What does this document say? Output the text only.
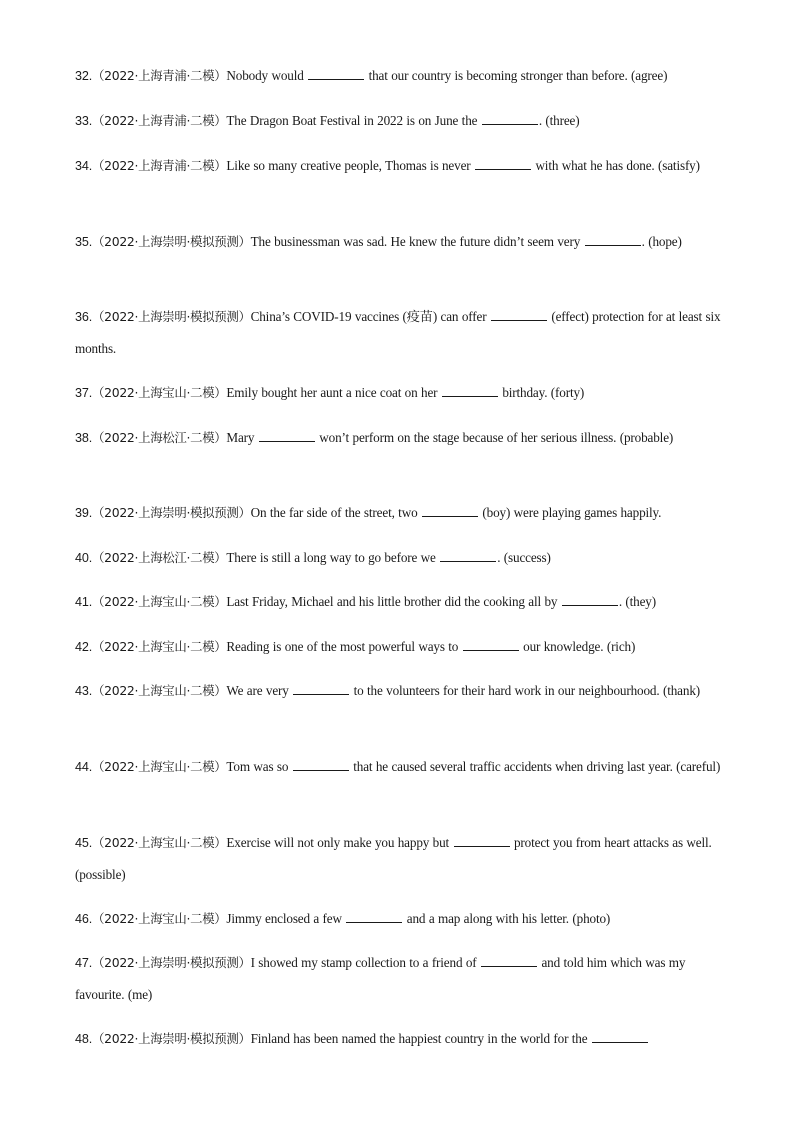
32.（2022·上海青浦·二模）Nobody would	that our country is becoming stronger than before. (agree)
33.（2022·上海青浦·二模）The Dragon Boat Festival in 2022 is on June the	. (three)
34.（2022·上海青浦·二模）Like so many creative people, Thomas is never	with what he has done. (satisfy)
35.（2022·上海崇明·模拟预测）The businessman was sad. He knew the future didn’t seem very	. (hope)
36.（2022·上海崇明·模拟预测）China’s COVID-19 vaccines (疫苗) can offer	(effect) protection for at least six months.
37.（2022·上海宝山·二模）Emily bought her aunt a nice coat on her	birthday. (forty)
38.（2022·上海松江·二模）Mary	won’t perform on the stage because of her serious illness. (probable)
39.（2022·上海崇明·模拟预测）On the far side of the street, two	(boy) were playing games happily.
40.（2022·上海松江·二模）There is still a long way to go before we	. (success)
41.（2022·上海宝山·二模）Last Friday, Michael and his little brother did the cooking all by	. (they)
42.（2022·上海宝山·二模）Reading is one of the most powerful ways to	our knowledge. (rich)
43.（2022·上海宝山·二模）We are very	to the volunteers for their hard work in our neighbourhood. (thank)
44.（2022·上海宝山·二模）Tom was so	that he caused several traffic accidents when driving last year. (careful)
45.（2022·上海宝山·二模）Exercise will not only make you happy but	protect you from heart attacks as well. (possible)
46.（2022·上海宝山·二模）Jimmy enclosed a few	and a map along with his letter. (photo)
47.（2022·上海崇明·模拟预测）I showed my stamp collection to a friend of	and told him which was my favourite. (me)
48.（2022·上海崇明·模拟预测）Finland has been named the happiest country in the world for the
